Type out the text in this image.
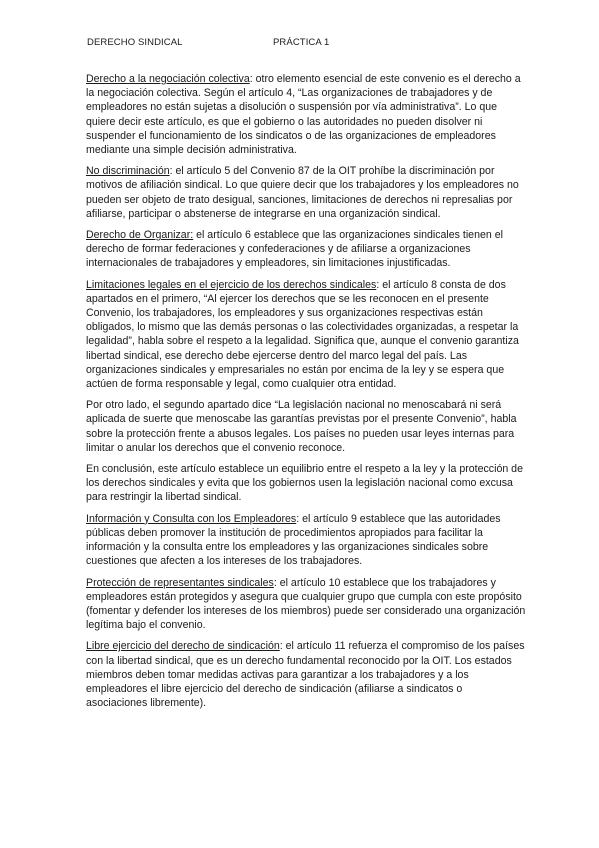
DERECHO SINDICAL	PRÁCTICA 1

Derecho a la negociación colectiva: otro elemento esencial de este convenio es el derecho a la negociación colectiva. Según el artículo 4, “Las organizaciones de trabajadores y de empleadores no están sujetas a disolución o suspensión por vía administrativa”. Lo que quiere decir este artículo, es que el gobierno o las autoridades no pueden disolver ni suspender el funcionamiento de los sindicatos o de las organizaciones de empleadores mediante una simple decisión administrativa.

No discriminación: el artículo 5 del Convenio 87 de la OIT prohíbe la discriminación por motivos de afiliación sindical. Lo que quiere decir que los trabajadores y los empleadores no pueden ser objeto de trato desigual, sanciones, limitaciones de derechos ni represalias por afiliarse, participar o abstenerse de integrarse en una organización sindical.

Derecho de Organizar: el artículo 6 establece que las organizaciones sindicales tienen el derecho de formar federaciones y confederaciones y de afiliarse a organizaciones internacionales de trabajadores y empleadores, sin limitaciones injustificadas.

Limitaciones legales en el ejercicio de los derechos sindicales: el artículo 8 consta de dos apartados en el primero, “Al ejercer los derechos que se les reconocen en el presente Convenio, los trabajadores, los empleadores y sus organizaciones respectivas están obligados, lo mismo que las demás personas o las colectividades organizadas, a respetar la legalidad”, habla sobre el respeto a la legalidad. Significa que, aunque el convenio garantiza libertad sindical, ese derecho debe ejercerse dentro del marco legal del país. Las organizaciones sindicales y empresariales no están por encima de la ley y se espera que actúen de forma responsable y legal, como cualquier otra entidad.

Por otro lado, el segundo apartado dice “La legislación nacional no menoscabará ni será aplicada de suerte que menoscabe las garantías previstas por el presente Convenio”, habla sobre la protección frente a abusos legales. Los países no pueden usar leyes internas para limitar o anular los derechos que el convenio reconoce.

En conclusión, este artículo establece un equilibrio entre el respeto a la ley y la protección de los derechos sindicales y evita que los gobiernos usen la legislación nacional como excusa para restringir la libertad sindical.

Información y Consulta con los Empleadores: el artículo 9 establece que las autoridades públicas deben promover la institución de procedimientos apropiados para facilitar la información y la consulta entre los empleadores y las organizaciones sindicales sobre cuestiones que afecten a los intereses de los trabajadores.

Protección de representantes sindicales: el artículo 10 establece que los trabajadores y empleadores están protegidos y asegura que cualquier grupo que cumpla con este propósito (fomentar y defender los intereses de los miembros) puede ser considerado una organización legítima bajo el convenio.

Libre ejercicio del derecho de sindicación: el artículo 11 refuerza el compromiso de los países con la libertad sindical, que es un derecho fundamental reconocido por la OIT. Los estados miembros deben tomar medidas activas para garantizar a los trabajadores y a los empleadores el libre ejercicio del derecho de sindicación (afiliarse a sindicatos o asociaciones libremente).
